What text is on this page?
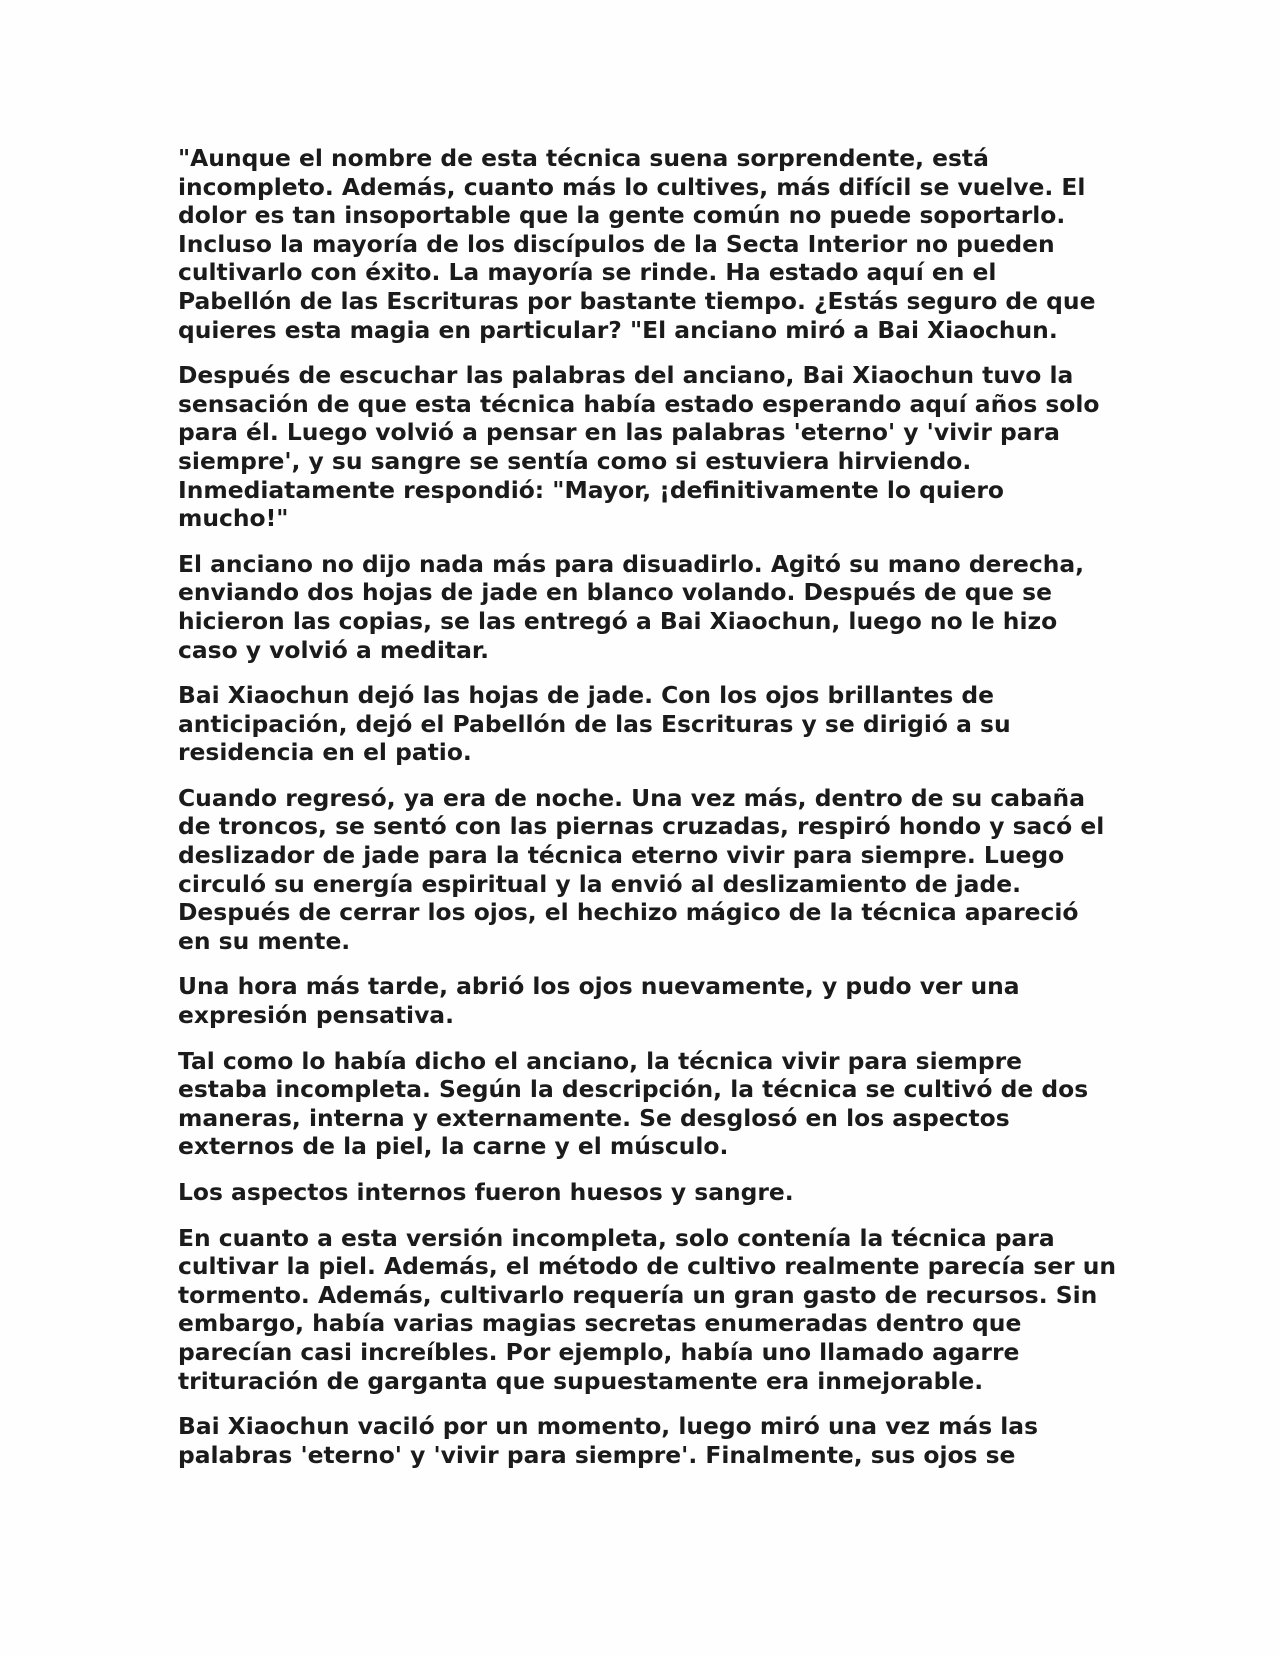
"Aunque el nombre de esta técnica suena sorprendente, está
incompleto. Además, cuanto más lo cultives, más difícil se vuelve. El
dolor es tan insoportable que la gente común no puede soportarlo.
Incluso la mayoría de los discípulos de la Secta Interior no pueden
cultivarlo con éxito. La mayoría se rinde. Ha estado aquí en el
Pabellón de las Escrituras por bastante tiempo. ¿Estás seguro de que
quieres esta magia en particular? "El anciano miró a Bai Xiaochun.

Después de escuchar las palabras del anciano, Bai Xiaochun tuvo la
sensación de que esta técnica había estado esperando aquí años solo
para él. Luego volvió a pensar en las palabras 'eterno' y 'vivir para
siempre', y su sangre se sentía como si estuviera hirviendo.
Inmediatamente respondió: "Mayor, ¡definitivamente lo quiero
mucho!"

El anciano no dijo nada más para disuadirlo. Agitó su mano derecha,
enviando dos hojas de jade en blanco volando. Después de que se
hicieron las copias, se las entregó a Bai Xiaochun, luego no le hizo
caso y volvió a meditar.

Bai Xiaochun dejó las hojas de jade. Con los ojos brillantes de
anticipación, dejó el Pabellón de las Escrituras y se dirigió a su
residencia en el patio.

Cuando regresó, ya era de noche. Una vez más, dentro de su cabaña
de troncos, se sentó con las piernas cruzadas, respiró hondo y sacó el
deslizador de jade para la técnica eterno vivir para siempre. Luego
circuló su energía espiritual y la envió al deslizamiento de jade.
Después de cerrar los ojos, el hechizo mágico de la técnica apareció
en su mente.

Una hora más tarde, abrió los ojos nuevamente, y pudo ver una
expresión pensativa.

Tal como lo había dicho el anciano, la técnica vivir para siempre
estaba incompleta. Según la descripción, la técnica se cultivó de dos
maneras, interna y externamente. Se desglosó en los aspectos
externos de la piel, la carne y el músculo.

Los aspectos internos fueron huesos y sangre.

En cuanto a esta versión incompleta, solo contenía la técnica para
cultivar la piel. Además, el método de cultivo realmente parecía ser un
tormento. Además, cultivarlo requería un gran gasto de recursos. Sin
embargo, había varias magias secretas enumeradas dentro que
parecían casi increíbles. Por ejemplo, había uno llamado agarre
trituración de garganta que supuestamente era inmejorable.

Bai Xiaochun vaciló por un momento, luego miró una vez más las
palabras 'eterno' y 'vivir para siempre'. Finalmente, sus ojos se
